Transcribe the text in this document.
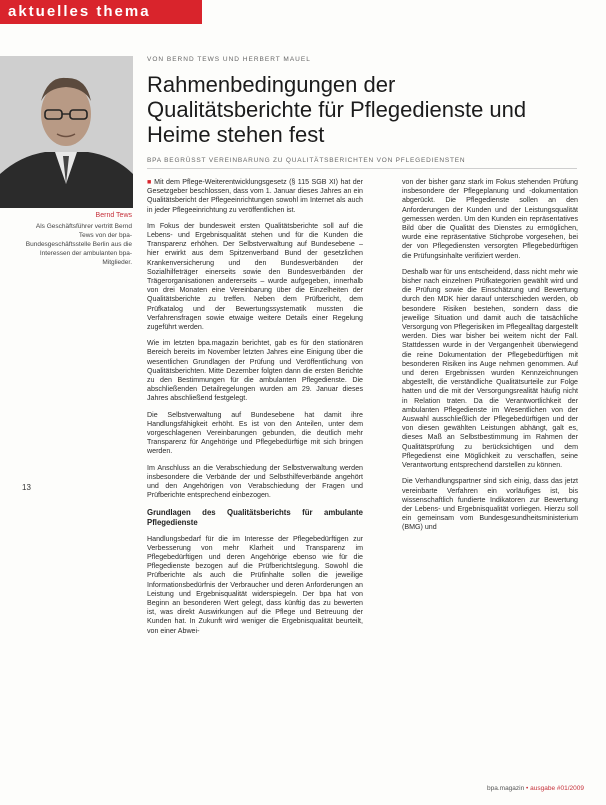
aktuelles thema
Bernd Tews
Als Geschäftsführer vertritt Bernd Tews von der bpa-Bundesgeschäftsstelle Berlin aus die Interessen der ambulanten bpa-Mitglieder.
13
VON BERND TEWS UND HERBERT MAUEL
Rahmenbedingungen der Qualitätsberichte für Pflegedienste und Heime stehen fest
BPA BEGRÜSST VEREINBARUNG ZU QUALITÄTSBERICHTEN VON PFLEGEDIENSTEN

■ Mit dem Pflege-Weiterentwicklungsgesetz (§ 115 SGB XI) hat der Gesetzgeber beschlossen, dass vom 1. Januar dieses Jahres an ein Qualitätsbericht der Pflegeeinrichtungen sowohl im Internet als auch in jeder Pflegeeinrichtung zu veröffentlichen ist.

Im Fokus der bundesweit ersten Qualitätsberichte soll auf die Lebens- und Ergebnisqualität stehen und für die Kunden die Transparenz erhöhen. Der Selbstverwaltung auf Bundesebene – hier erwirkt aus dem Spitzenverband Bund der gesetzlichen Krankenversicherung und den Bundesverbänden der Sozialhilfeträger einerseits sowie den Bundesverbänden der Trägerorganisationen andererseits – wurde aufgegeben, innerhalb von drei Monaten eine Vereinbarung über die Einzelheiten der Qualitätsberichte zu treffen. Neben dem Prüfbericht, dem Prüfkatalog und der Bewertungssystematik mussten die Verfahrensfragen sowie etwaige weitere Details einer Regelung zugeführt werden.

Wie im letzten bpa.magazin berichtet, gab es für den stationären Bereich bereits im November letzten Jahres eine Einigung über die wesentlichen Grundlagen der Prüfung und Veröffentlichung von Qualitätsberichten. Mitte Dezember folgten dann die ersten Berichte zu den Bestimmungen für die ambulanten Pflegedienste. Die abschließenden Detailregelungen wurden am 29. Januar dieses Jahres abschließend festgelegt.

Die Selbstverwaltung auf Bundesebene hat damit ihre Handlungsfähigkeit erhöht. Es ist von den Anteilen, unter dem vorgeschlagenen Vereinbarungen gebunden, die deutlich mehr Transparenz für Angehörige und Pflegebedürftige mit sich bringen werden.

Im Anschluss an die Verabschiedung der Selbstverwaltung werden insbesondere die Verbände der und Selbsthilfeverbände angehört und den Angehörigen von Verabschiedung der Fragen und Prüfberichte entsprechend einbezogen.

Grundlagen des Qualitätsberichts für ambulante Pflegedienste

Handlungsbedarf für die im Interesse der Pflegebedürftigen zur Verbesserung von mehr Klarheit und Transparenz im Pflegebedürftigen und deren Angehörige ebenso wie für die Pflegedienste bezogen auf die Prüfberichtslegung. Sowohl die Prüfberichte als auch die Prüfinhalte sollen die jeweilige Informationsbedürfnis der Verbraucher und deren Anforderungen an Leistung und Ergebnisqualität widerspiegeln. Der bpa hat von Beginn an besonderen Wert gelegt, dass künftig das zu bewerten ist, was direkt Auswirkungen auf die Pflege und Betreuung der Kunden hat. In Zukunft wird weniger die Ergebnisqualität beurteilt, von einer Abwei-

von der bisher ganz stark im Fokus stehenden Prüfung insbesondere der Pflegeplanung und -dokumentation abgerückt. Die Pflegedienste sollen an den Anforderungen der Kunden und der Leistungsqualität gemessen werden. Um den Kunden ein repräsentatives Bild über die Qualität des Dienstes zu ermöglichen, wurde eine repräsentative Stichprobe vorgesehen, bei der von Pflegediensten versorgten Pflegebedürftigen die Prüfungsinhalte verifiziert werden.

Deshalb war für uns entscheidend, dass nicht mehr wie bisher nach einzelnen Prüfkategorien gewählt wird und die Prüfung sowie die Einschätzung und Bewertung durch den MDK hier darauf unterschieden werden, ob besondere Risiken bestehen, sondern dass die jeweilige Situation und damit auch die tatsächliche Versorgung von Pflegerisiken im Pflegealltag dargestellt werden. Dies war bisher bei weitem nicht der Fall. Stattdessen wurde in der Vergangenheit überwiegend die reine Dokumentation der Pflegebedürftigen mit besonderen Risiken ins Auge nehmen genommen. Auf und deren Ergebnissen wurden Kennzeichnungen abgestellt, die verständliche Qualitätsurteile zur Folge hatten und die mit der Versorgungsrealität häufig nicht in Relation traten. Da die Verantwortlichkeit der ambulanten Pflegedienste im Wesentlichen von der Auswahl ausschließlich der Pflegebedürftigen und der von diesen gewählten Leistungen abhängt, galt es, dieses Maß an Selbstbestimmung im Rahmen der Qualitätsprüfung zu berücksichtigen und dem Pflegedienst eine Möglichkeit zu verschaffen, seine Verantwortung entsprechend darstellen zu können.

Die Verhandlungspartner sind sich einig, dass das jetzt vereinbarte Verfahren ein vorläufiges ist, bis wissenschaftlich fundierte Indikatoren zur Bewertung der Lebens- und Ergebnisqualität vorliegen. Hierzu soll ein gemeinsam vom Bundesgesundheitsministerium (BMG) und

bpa.magazin • ausgabe #01/2009
